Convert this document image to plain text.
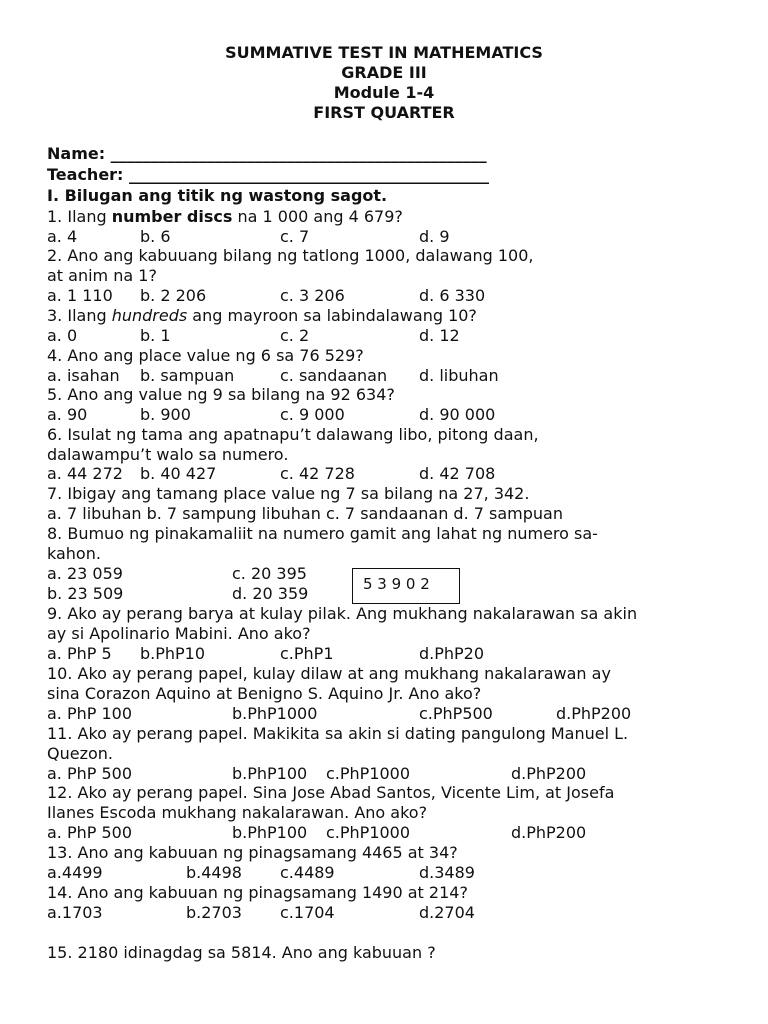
SUMMATIVE TEST IN MATHEMATICS
GRADE III
Module 1-4
FIRST QUARTER
Name: _______________________________________________
Teacher: _____________________________________________
I. Bilugan ang titik ng wastong sagot.
1. Ilang number discs na 1 000 ang 4 679?
a. 4	b. 6	c. 7	d. 9
2. Ano ang kabuuang bilang ng tatlong 1000, dalawang 100,
at anim na 1?
a. 1 110 b. 2 206	c. 3 206	d. 6 330
3. Ilang hundreds ang mayroon sa labindalawang 10?
a. 0	b. 1	c. 2	d. 12
4. Ano ang place value ng 6 sa 76 529?
a. isahan b. sampuan	c. sandaanan d. libuhan
5. Ano ang value ng 9 sa bilang na 92 634?
a. 90	b. 900	c. 9 000	d. 90 000
6. Isulat ng tama ang apatnapu’t dalawang libo, pitong daan,
dalawampu’t walo sa numero.
a. 44 272 b. 40 427	c. 42 728	d. 42 708
7. Ibigay ang tamang place value ng 7 sa bilang na 27, 342.
a. 7 libuhan b. 7 sampung libuhan c. 7 sandaanan d. 7 sampuan
8. Bumuo ng pinakamaliit na numero gamit ang lahat ng numero sa-
kahon.
a. 23 059	c. 20 395
b. 23 509	d. 20 359	5 3 9 0 2
9. Ako ay perang barya at kulay pilak. Ang mukhang nakalarawan sa akin
ay si Apolinario Mabini. Ano ako?
a. PhP 5 b.PhP10	c.PhP1	d.PhP20
10. Ako ay perang papel, kulay dilaw at ang mukhang nakalarawan ay
sina Corazon Aquino at Benigno S. Aquino Jr. Ano ako?
a. PhP 100	b.PhP1000	c.PhP500	d.PhP200
11. Ako ay perang papel. Makikita sa akin si dating pangulong Manuel L.
Quezon.
a. PhP 500	b.PhP100 c.PhP1000	d.PhP200
12. Ako ay perang papel. Sina Jose Abad Santos, Vicente Lim, at Josefa
Ilanes Escoda mukhang nakalarawan. Ano ako?
a. PhP 500	b.PhP100 c.PhP1000	d.PhP200
13. Ano ang kabuuan ng pinagsamang 4465 at 34?
a.4499	b.4498 c.4489	d.3489
14. Ano ang kabuuan ng pinagsamang 1490 at 214?
a.1703	b.2703 c.1704	d.2704
15. 2180 idinagdag sa 5814. Ano ang kabuuan ?
